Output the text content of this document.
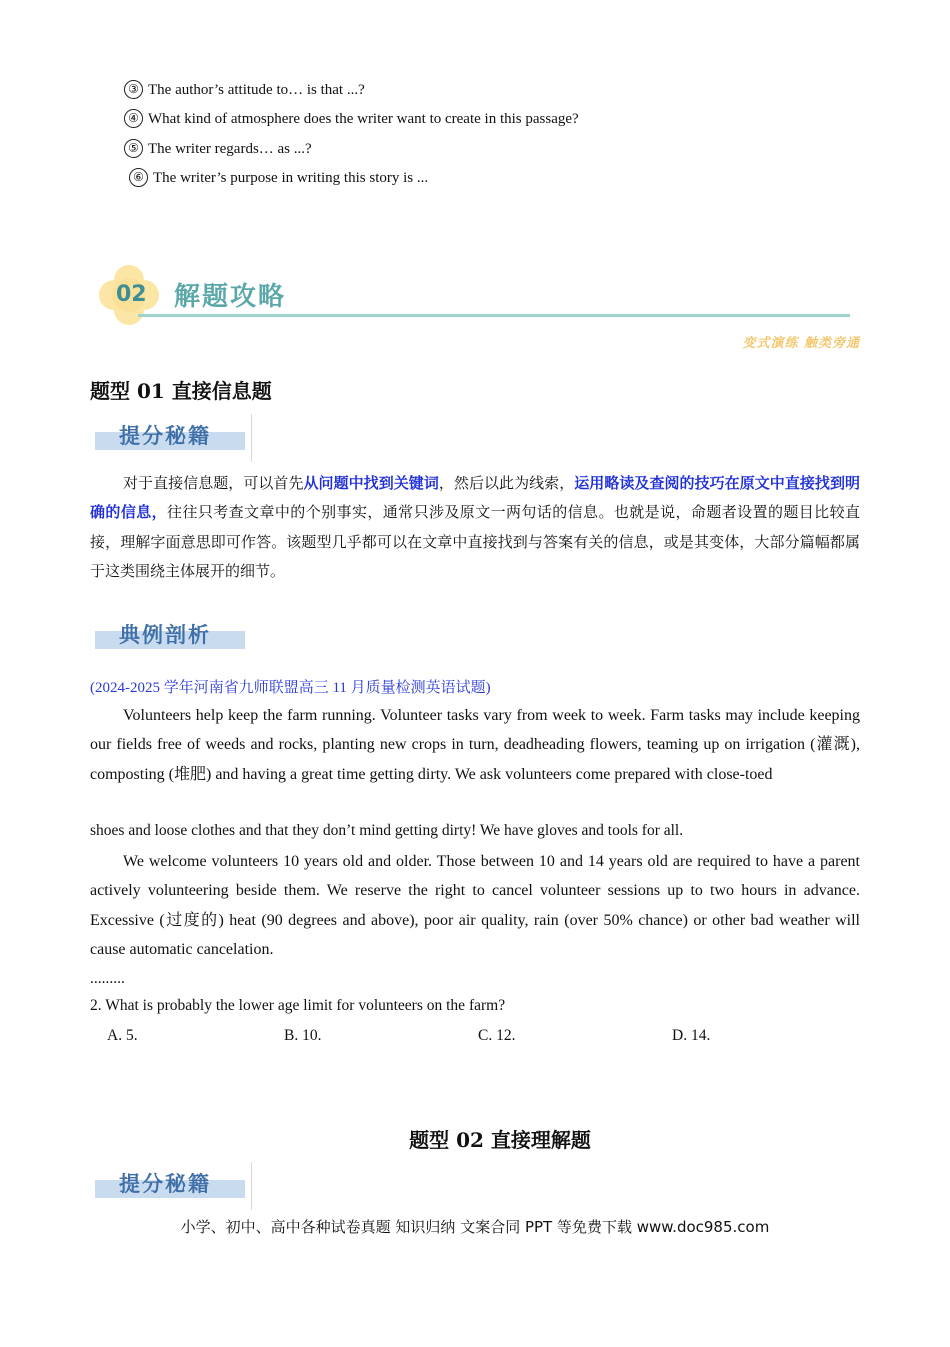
③ The author’s attitude to… is that ...?
④ What kind of atmosphere does the writer want to create in this passage?
⑤ The writer regards… as ...?
⑥ The writer’s purpose in writing this story is ...
02 解题攻略
变式演练 触类旁通
题型 01 直接信息题
提分秘籍
对于直接信息题，可以首先从问题中找到关键词，然后以此为线索，运用略读及查阅的技巧在原文中直接找到明确的信息，往往只考查文章中的个别事实，通常只涉及原文一两句话的信息。也就是说，命题者设置的题目比较直接，理解字面意思即可作答。该题型几乎都可以在文章中直接找到与答案有关的信息，或是其变体，大部分篇幅都属于这类围绕主体展开的细节。
典例剖析
(2024-2025 学年河南省九师联盟高三 11 月质量检测英语试题)
Volunteers help keep the farm running. Volunteer tasks vary from week to week. Farm tasks may include keeping our fields free of weeds and rocks, planting new crops in turn, deadheading flowers, teaming up on irrigation (灌溉), composting (堆肥) and having a great time getting dirty. We ask volunteers come prepared with close-toed
shoes and loose clothes and that they don’t mind getting dirty! We have gloves and tools for all.
We welcome volunteers 10 years old and older. Those between 10 and 14 years old are required to have a parent actively volunteering beside them. We reserve the right to cancel volunteer sessions up to two hours in advance. Excessive (过度的) heat (90 degrees and above), poor air quality, rain (over 50% chance) or other bad weather will cause automatic cancelation.
.........
2. What is probably the lower age limit for volunteers on the farm?
A. 5.	B. 10.	C. 12.	D. 14.
题型 02 直接理解题
提分秘籍
小学、初中、高中各种试卷真题 知识归纳 文案合同 PPT 等免费下载 www.doc985.com
